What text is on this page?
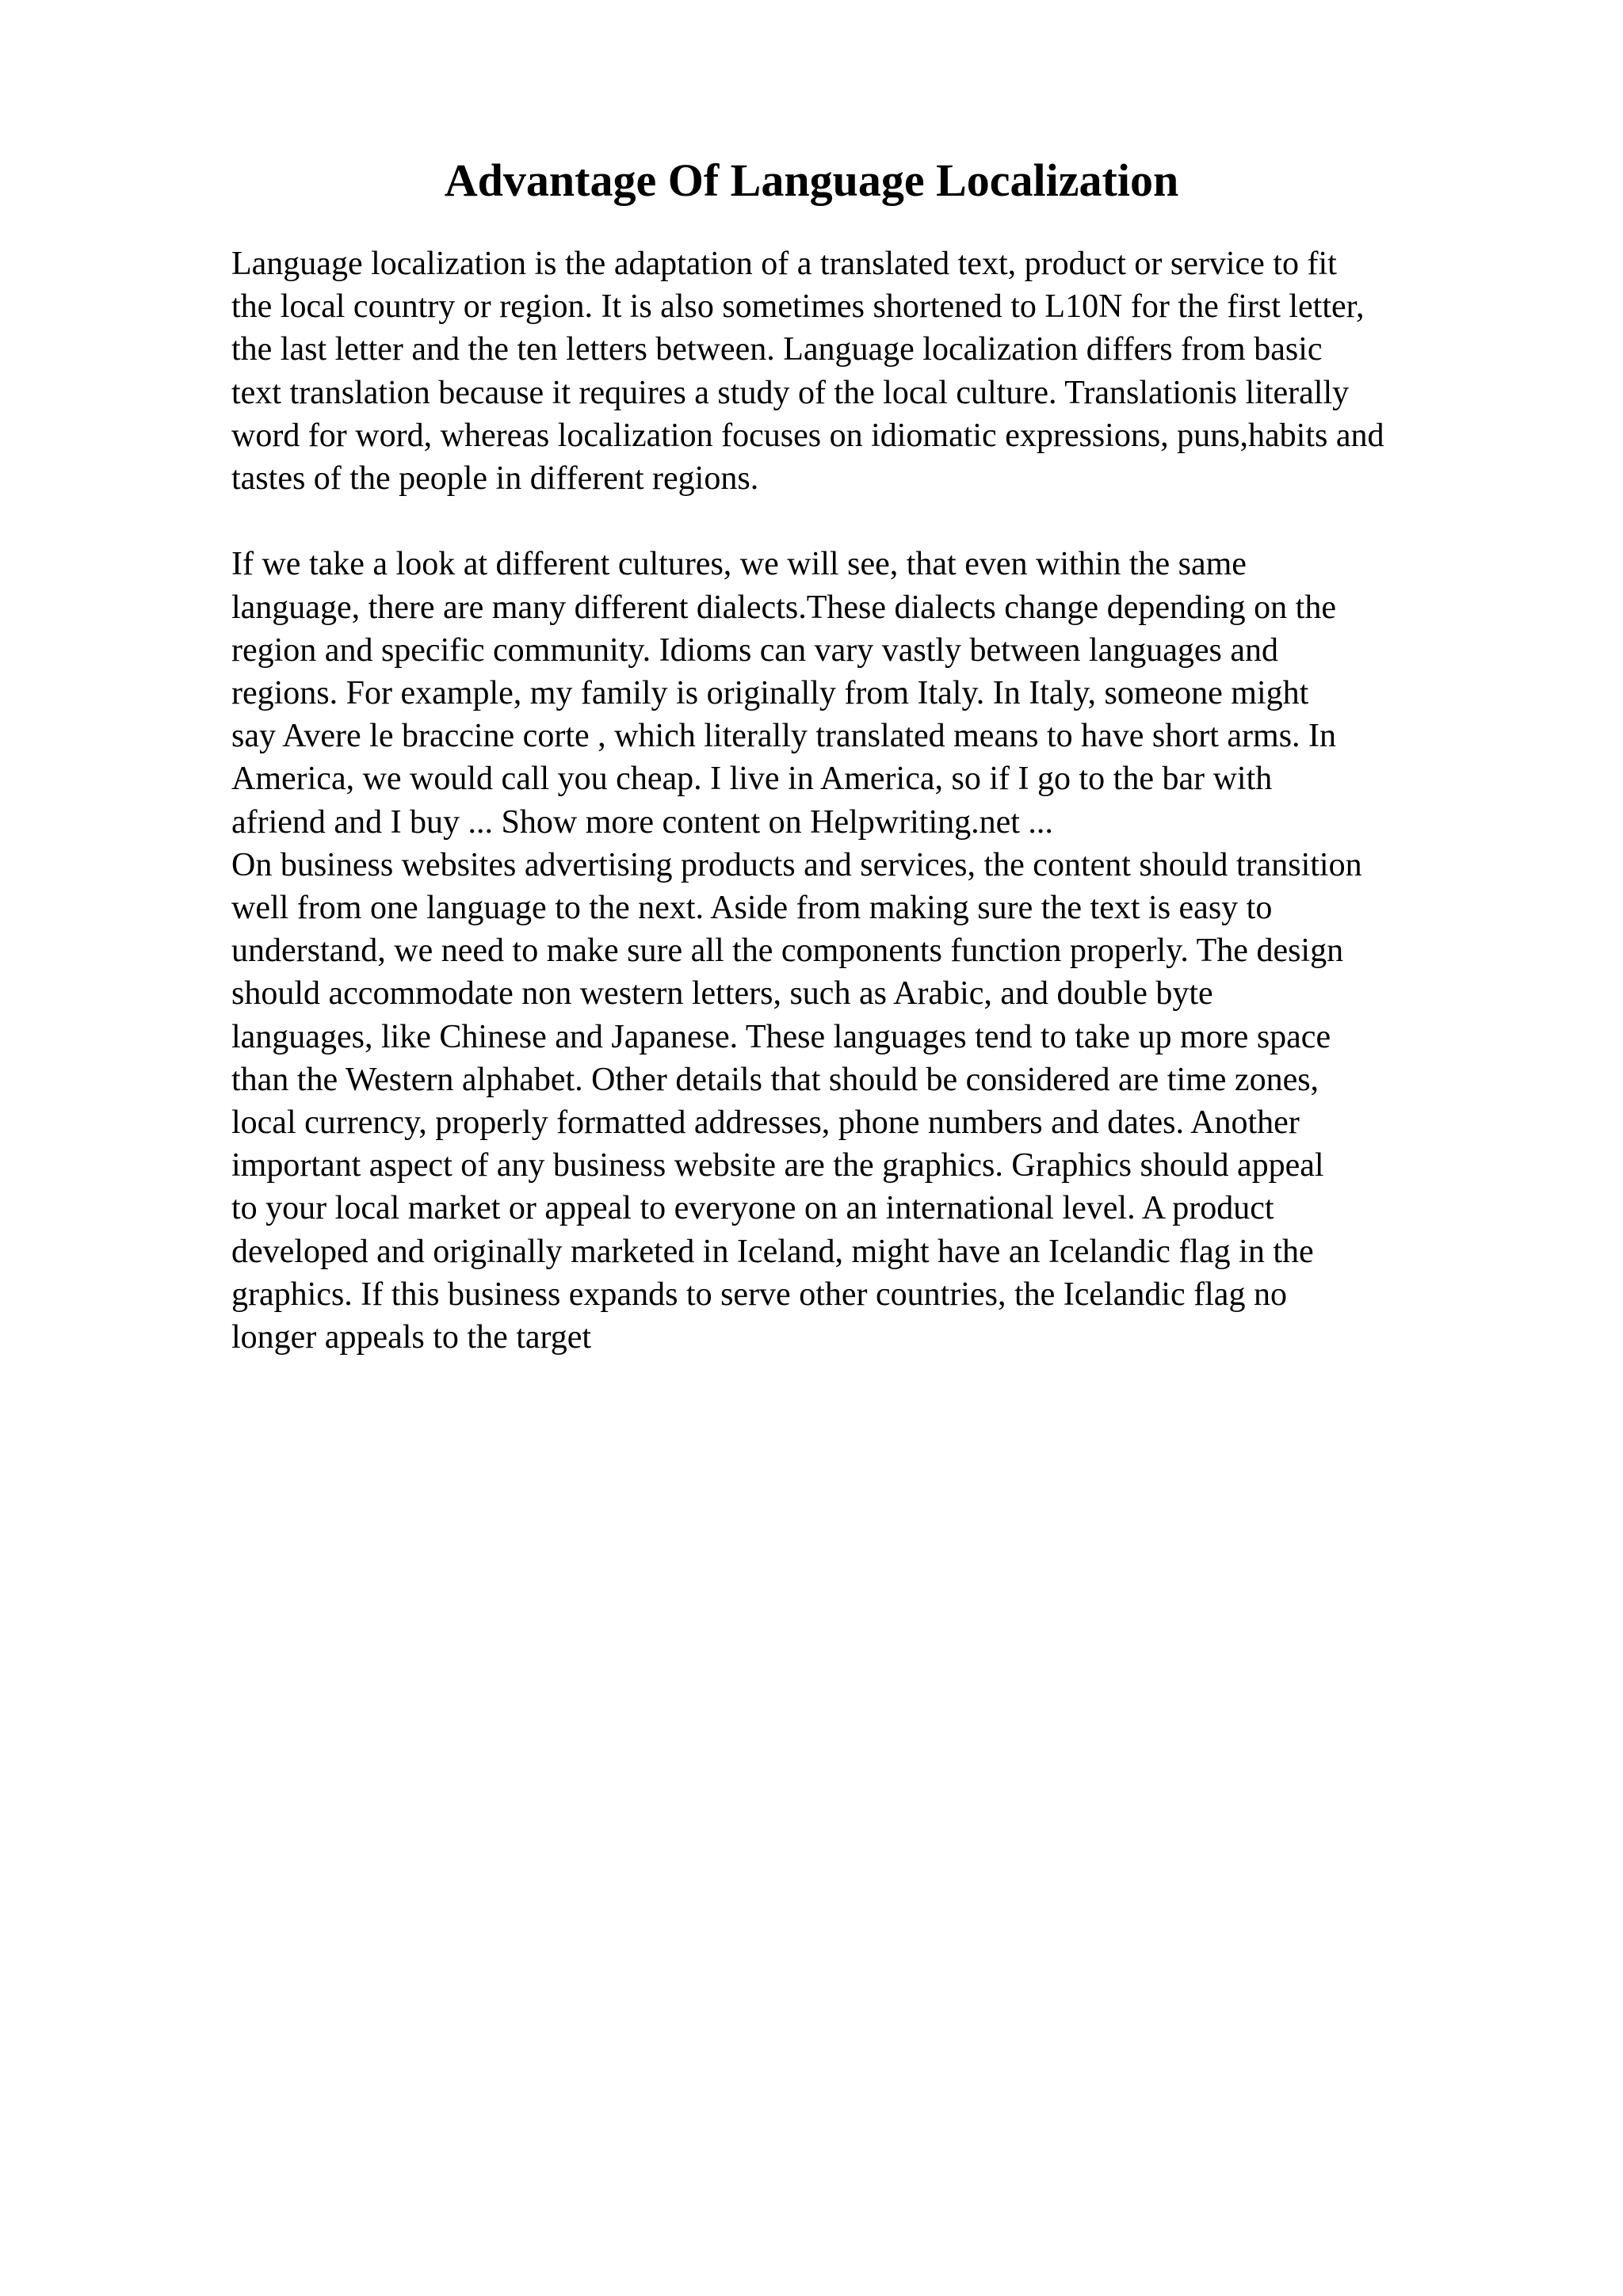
Advantage Of Language Localization
Language localization is the adaptation of a translated text, product or service to fit
the local country or region. It is also sometimes shortened to L10N for the first letter,
the last letter and the ten letters between. Language localization differs from basic
text translation because it requires a study of the local culture. Translationis literally
word for word, whereas localization focuses on idiomatic expressions, puns,habits and
tastes of the people in different regions.
If we take a look at different cultures, we will see, that even within the same
language, there are many different dialects.These dialects change depending on the
region and specific community. Idioms can vary vastly between languages and
regions. For example, my family is originally from Italy. In Italy, someone might
say Avere le braccine corte , which literally translated means to have short arms. In
America, we would call you cheap. I live in America, so if I go to the bar with
afriend and I buy ... Show more content on Helpwriting.net ...
On business websites advertising products and services, the content should transition
well from one language to the next. Aside from making sure the text is easy to
understand, we need to make sure all the components function properly. The design
should accommodate non western letters, such as Arabic, and double byte
languages, like Chinese and Japanese. These languages tend to take up more space
than the Western alphabet. Other details that should be considered are time zones,
local currency, properly formatted addresses, phone numbers and dates. Another
important aspect of any business website are the graphics. Graphics should appeal
to your local market or appeal to everyone on an international level. A product
developed and originally marketed in Iceland, might have an Icelandic flag in the
graphics. If this business expands to serve other countries, the Icelandic flag no
longer appeals to the target
